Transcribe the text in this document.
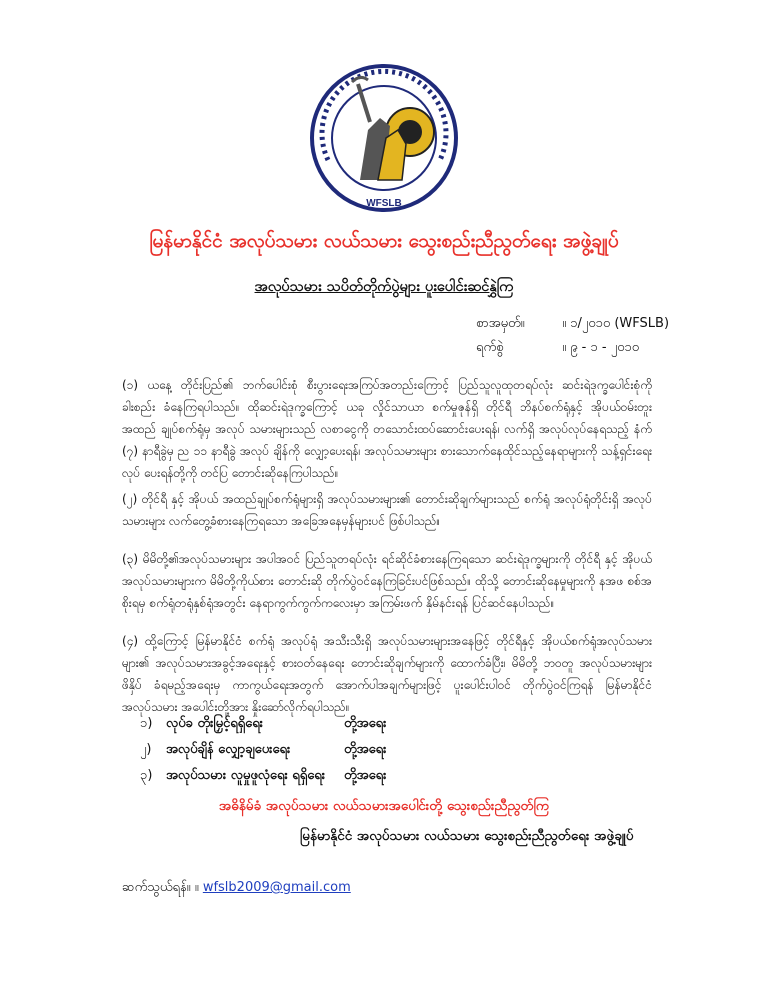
WFSLB
မြန်မာနိုင်ငံ အလုပ်သမား လယ်သမား သွေးစည်းညီညွတ်ရေး အဖွဲ့ချုပ်
အလုပ်သမား သပိတ်တိုက်ပွဲများ ပူးပေါင်းဆင်နွှဲကြ
စာအမှတ်။	။ ၁/၂၀၁၀ (WFSLB)
ရက်စွဲ	။ ၉ - ၁ - ၂၀၁၀
(၁) ယနေ့ တိုင်းပြည်၏ ဘက်ပေါင်းစုံ စီးပွားရေးအကြပ်အတည်းကြောင့် ပြည်သူလူထုတရပ်လုံး ဆင်းရဲဒုက္ခပေါင်းစုံကို ခါးစည်း ခံနေကြရပါသည်။ ထိုဆင်းရဲဒုက္ခကြောင့် ယခု လှိုင်သာယာ စက်မှုဇုန်ရှိ တိုင်ရီ ဘိနပ်စက်ရုံနှင့် အိုပယ်ဝမ်းတူး အထည် ချုပ်စက်ရုံမှ အလုပ် သမားများသည် လစာငွေကို တသောင်းထပ်ဆောင်းပေးရန်၊ လက်ရှိ အလုပ်လုပ်နေရသည့် နံက် (၇) နာရီခွဲမှ ည ၁၁ နာရီခွဲ အလုပ် ချိန်ကို လျှော့ပေးရန်၊ အလုပ်သမားများ စားသောက်နေထိုင်သည့်နေရာများကို သန့်ရှင်းရေး လုပ် ပေးရန်တို့ကို တင်ပြ တောင်းဆိုနေကြပါသည်။
(၂) တိုင်ရီ နှင့် အိုပယ် အထည်ချုပ်စက်ရုံများရှိ အလုပ်သမားများ၏ တောင်းဆိုချက်များသည် စက်ရုံ အလုပ်ရုံတိုင်းရှိ အလုပ် သမားများ လက်တွေ့ခံစားနေကြရသော အခြေအနေမှန်များပင် ဖြစ်ပါသည်။
(၃) မိမိတို့၏အလုပ်သမားများ အပါအဝင် ပြည်သူတရပ်လုံး ရင်ဆိုင်ခံစားနေကြရသော ဆင်းရဲဒုက္ခများကို တိုင်ရီ နှင့် အိုပယ် အလုပ်သမားများက မိမိတို့ကိုယ်စား တောင်းဆို တိုက်ပွဲဝင်နေကြခြင်းပင်ဖြစ်သည်။ ထိုသို့ တောင်းဆိုနေမှုများကို နအဖ စစ်အ စိုးရမှ စက်ရုံတရုံနှစ်ရုံအတွင်း နေရာကွက်ကွက်ကလေးမှာ အကြမ်းဖက် နှိမ်နင်းရန် ပြင်ဆင်နေပါသည်။
(၄) ထို့ကြောင့် မြန်မာနိုင်ငံ စက်ရုံ အလုပ်ရုံ အသီးသီးရှိ အလုပ်သမားများအနေဖြင့် တိုင်ရီနှင့် အိုပယ်စက်ရုံအလုပ်သမားများ၏ အလုပ်သမားအခွင့်အရေးနှင့် စားဝတ်နေရေး တောင်းဆိုချက်များကို ထောက်ခံပြီး၊ မိမိတို့ ဘဝတူ အလုပ်သမားများ ဖိနှိပ် ခံရမည့်အရေးမှ ကာကွယ်ရေးအတွက် အောက်ပါအချက်များဖြင့် ပူးပေါင်းပါဝင် တိုက်ပွဲဝင်ကြရန် မြန်မာနိုင်ငံ အလုပ်သမား အပေါင်းတို့အား နှိုးဆော်လိုက်ရပါသည်။
၁) လုပ်ခ တိုးမြှင့်ရရှိရေး	တို့အရေး
၂) အလုပ်ချိန် လျှော့ချပေးရေး	တို့အရေး
၃) အလုပ်သမား လူမှုဖူလုံရေး ရရှိရေး တို့အရေး
အဓိနိမ်ခံ အလုပ်သမား လယ်သမားအပေါင်းတို့ သွေးစည်းညီညွတ်ကြ
မြန်မာနိုင်ငံ အလုပ်သမား လယ်သမား သွေးစည်းညီညွတ်ရေး အဖွဲ့ချုပ်
ဆက်သွယ်ရန်။ ။ wfslb2009@gmail.com
